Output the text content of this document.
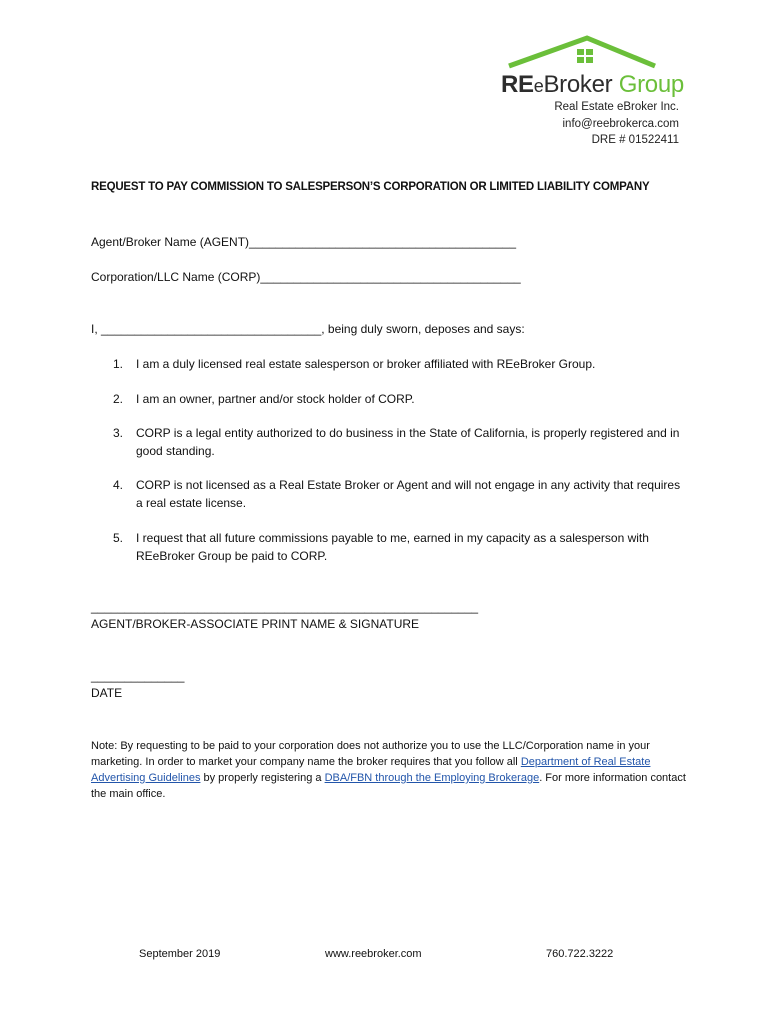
REeBroker Group
Real Estate eBroker Inc.
info@reebrokerca.com
DRE # 01522411
REQUEST TO PAY COMMISSION TO SALESPERSON’S CORPORATION OR LIMITED LIABILITY COMPANY
Agent/Broker Name (AGENT)________________________________________
Corporation/LLC Name (CORP)_______________________________________
I, _________________________________, being duly sworn, deposes and says:
1. I am a duly licensed real estate salesperson or broker affiliated with REeBroker Group.
2. I am an owner, partner and/or stock holder of CORP.
3. CORP is a legal entity authorized to do business in the State of California, is properly registered and in good standing.
4. CORP is not licensed as a Real Estate Broker or Agent and will not engage in any activity that requires a real estate license.
5. I request that all future commissions payable to me, earned in my capacity as a salesperson with REeBroker Group be paid to CORP.
__________________________________________________________
AGENT/BROKER-ASSOCIATE PRINT NAME & SIGNATURE
______________
DATE
Note: By requesting to be paid to your corporation does not authorize you to use the LLC/Corporation name in your marketing. In order to market your company name the broker requires that you follow all Department of Real Estate Advertising Guidelines by properly registering a DBA/FBN through the Employing Brokerage. For more information contact the main office.
September 2019	www.reebroker.com	760.722.3222
